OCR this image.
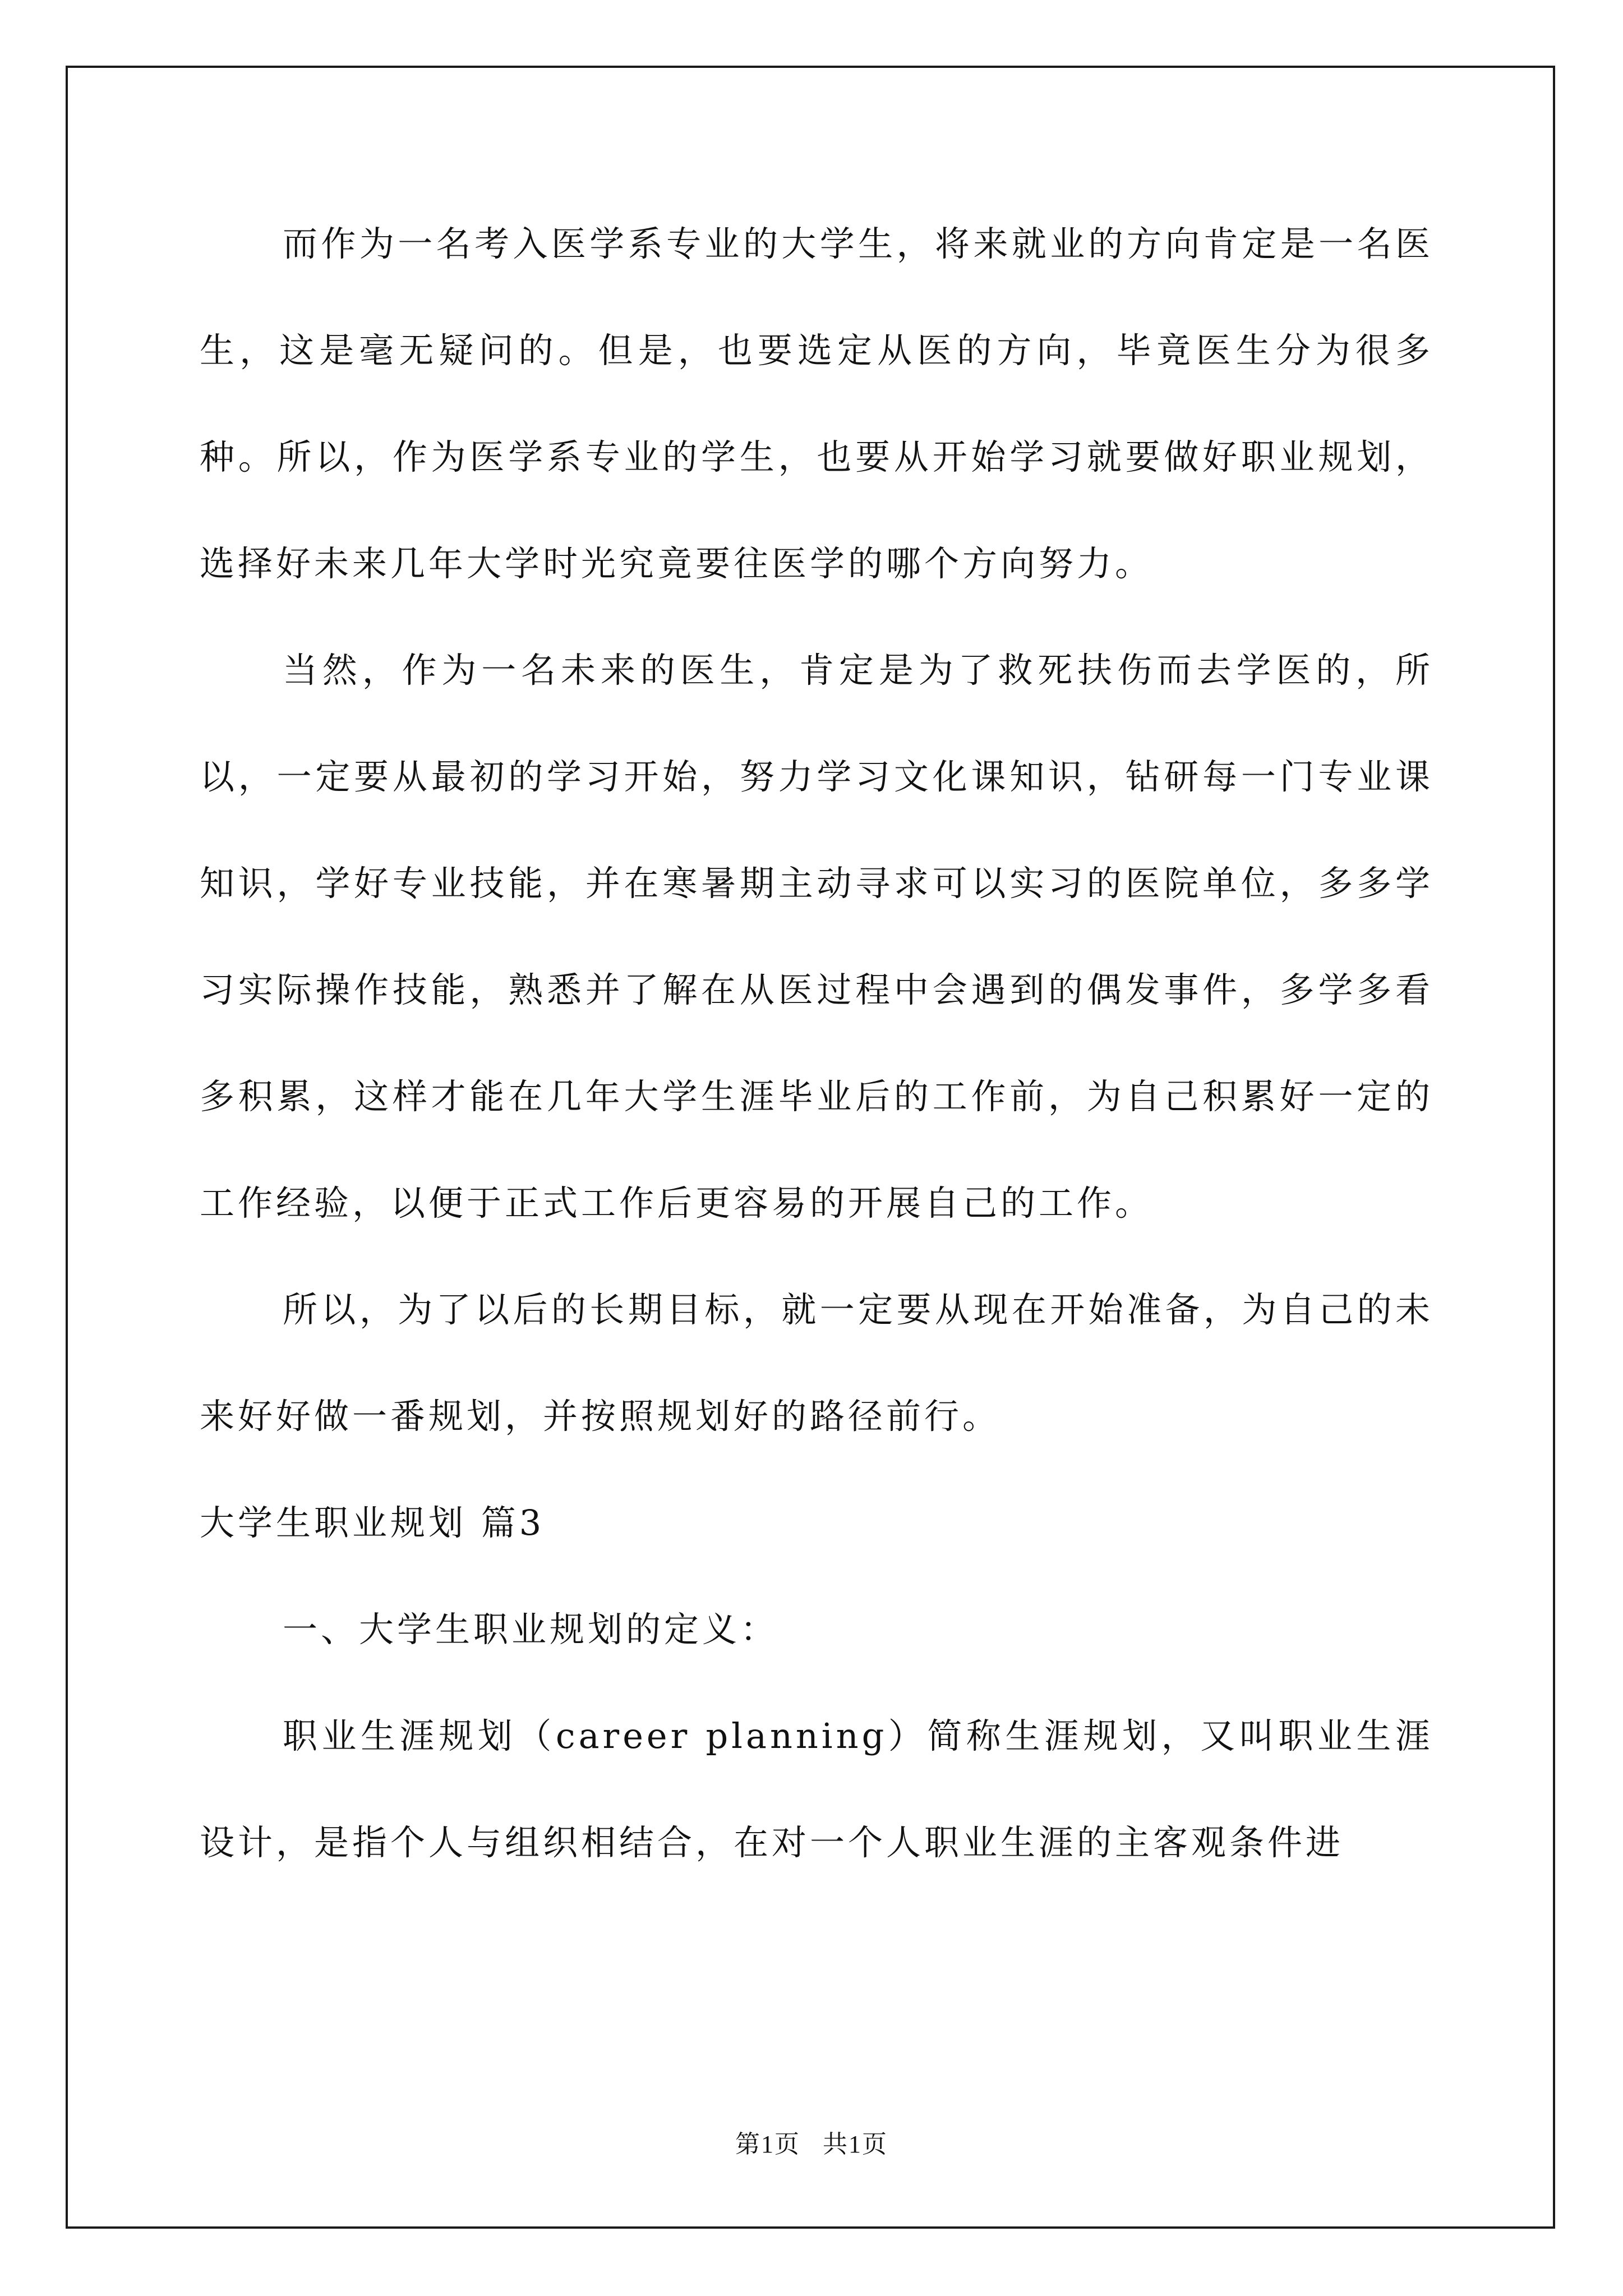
而作为一名考入医学系专业的大学生，将来就业的方向肯定是一名医生，这是毫无疑问的。但是，也要选定从医的方向，毕竟医生分为很多种。所以，作为医学系专业的学生，也要从开始学习就要做好职业规划，选择好未来几年大学时光究竟要往医学的哪个方向努力。

当然，作为一名未来的医生，肯定是为了救死扶伤而去学医的，所以，一定要从最初的学习开始，努力学习文化课知识，钻研每一门专业课知识，学好专业技能，并在寒暑期主动寻求可以实习的医院单位，多多学习实际操作技能，熟悉并了解在从医过程中会遇到的偶发事件，多学多看多积累，这样才能在几年大学生涯毕业后的工作前，为自己积累好一定的工作经验，以便于正式工作后更容易的开展自己的工作。

所以，为了以后的长期目标，就一定要从现在开始准备，为自己的未来好好做一番规划，并按照规划好的路径前行。

大学生职业规划 篇3

一、大学生职业规划的定义：

职业生涯规划（career planning）简称生涯规划，又叫职业生涯设计，是指个人与组织相结合，在对一个人职业生涯的主客观条件进

第1页 共1页
